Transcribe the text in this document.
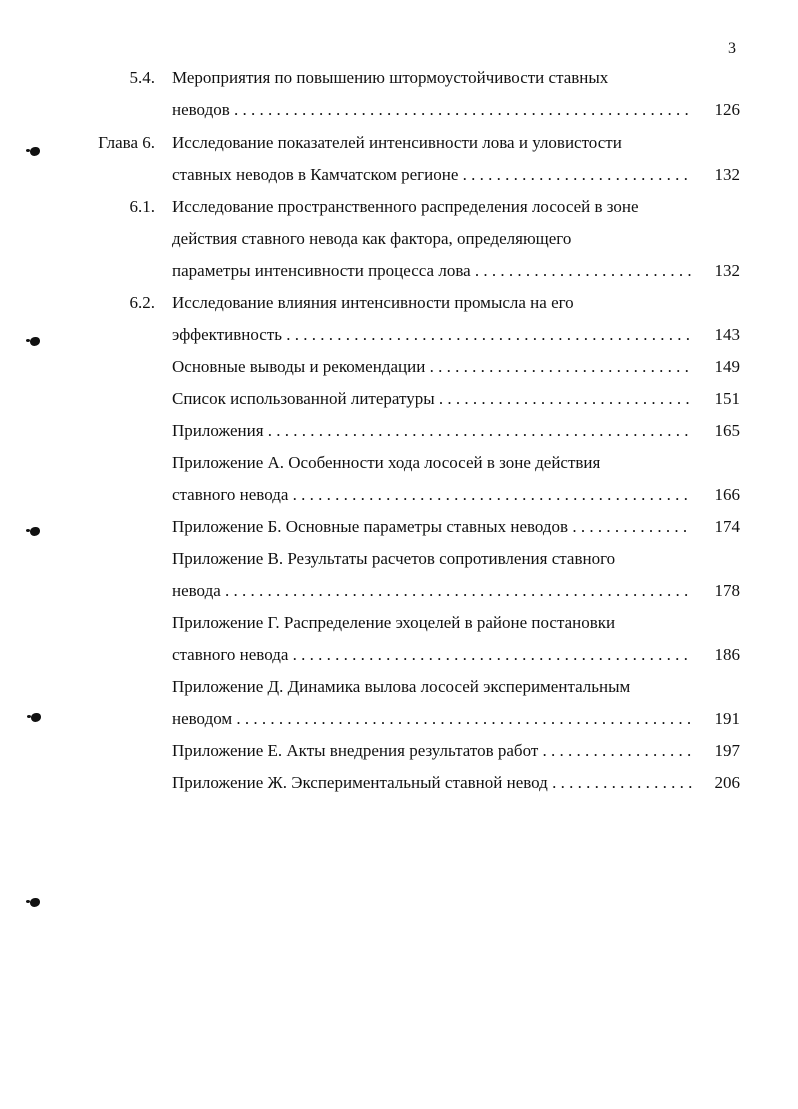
3
5.4. Мероприятия по повышению штормоустойчивости ставных
неводов . . .	126
Глава 6. Исследование показателей интенсивности лова и уловистости
ставных неводов в Камчатском регионе . . .	132
6.1. Исследование пространственного распределения лососей в зоне
действия ставного невода как фактора, определяющего
параметры интенсивности процесса лова . . .	132
6.2. Исследование влияния интенсивности промысла на его
эффективность . . .	143
Основные выводы и рекомендации . . .	149
Список использованной литературы . . .	151
Приложения . . .	165
Приложение А. Особенности хода лососей в зоне действия
ставного невода . . .	166
Приложение Б. Основные параметры ставных неводов . . .	174
Приложение В. Результаты расчетов сопротивления ставного
невода . . .	178
Приложение Г. Распределение эхоцелей в районе постановки
ставного невода . . .	186
Приложение Д. Динамика вылова лососей экспериментальным
неводом . . .	191
Приложение Е. Акты внедрения результатов работ . . .	197
Приложение Ж. Экспериментальный ставной невод . . .	206
